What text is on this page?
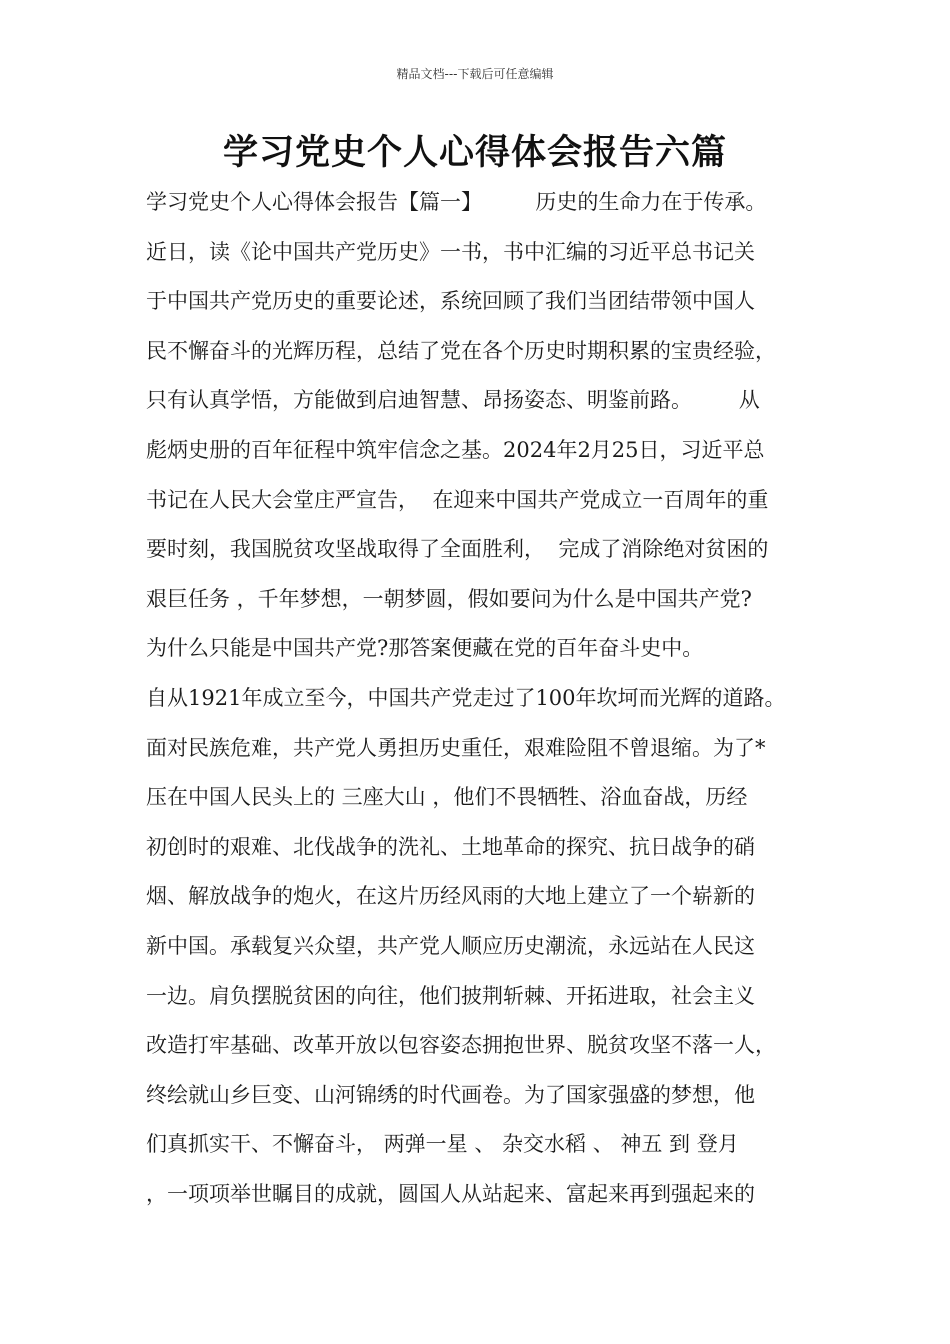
精品文档---下载后可任意编辑
学习党史个人心得体会报告六篇
学习党史个人心得体会报告【篇一】        历史的生命力在于传承。
近日，读《论中国共产党历史》一书，书中汇编的习近平总书记关
于中国共产党历史的重要论述，系统回顾了我们当团结带领中国人
民不懈奋斗的光辉历程，总结了党在各个历史时期积累的宝贵经验，
只有认真学悟，方能做到启迪智慧、昂扬姿态、明鉴前路。       从
彪炳史册的百年征程中筑牢信念之基。2024年2月25日，习近平总
书记在人民大会堂庄严宣告，  在迎来中国共产党成立一百周年的重
要时刻，我国脱贫攻坚战取得了全面胜利，  完成了消除绝对贫困的
艰巨任务 ，千年梦想，一朝梦圆，假如要问为什么是中国共产党?
为什么只能是中国共产党?那答案便藏在党的百年奋斗史中。
自从1921年成立至今，中国共产党走过了100年坎坷而光辉的道路。
面对民族危难，共产党人勇担历史重任，艰难险阻不曾退缩。为了*
压在中国人民头上的 三座大山 ，他们不畏牺牲、浴血奋战，历经
初创时的艰难、北伐战争的洗礼、土地革命的探究、抗日战争的硝
烟、解放战争的炮火，在这片历经风雨的大地上建立了一个崭新的
新中国。承载复兴众望，共产党人顺应历史潮流，永远站在人民这
一边。肩负摆脱贫困的向往，他们披荆斩棘、开拓进取，社会主义
改造打牢基础、改革开放以包容姿态拥抱世界、脱贫攻坚不落一人，
终绘就山乡巨变、山河锦绣的时代画卷。为了国家强盛的梦想，他
们真抓实干、不懈奋斗， 两弹一星 、 杂交水稻 、 神五 到 登月
，一项项举世瞩目的成就，圆国人从站起来、富起来再到强起来的
